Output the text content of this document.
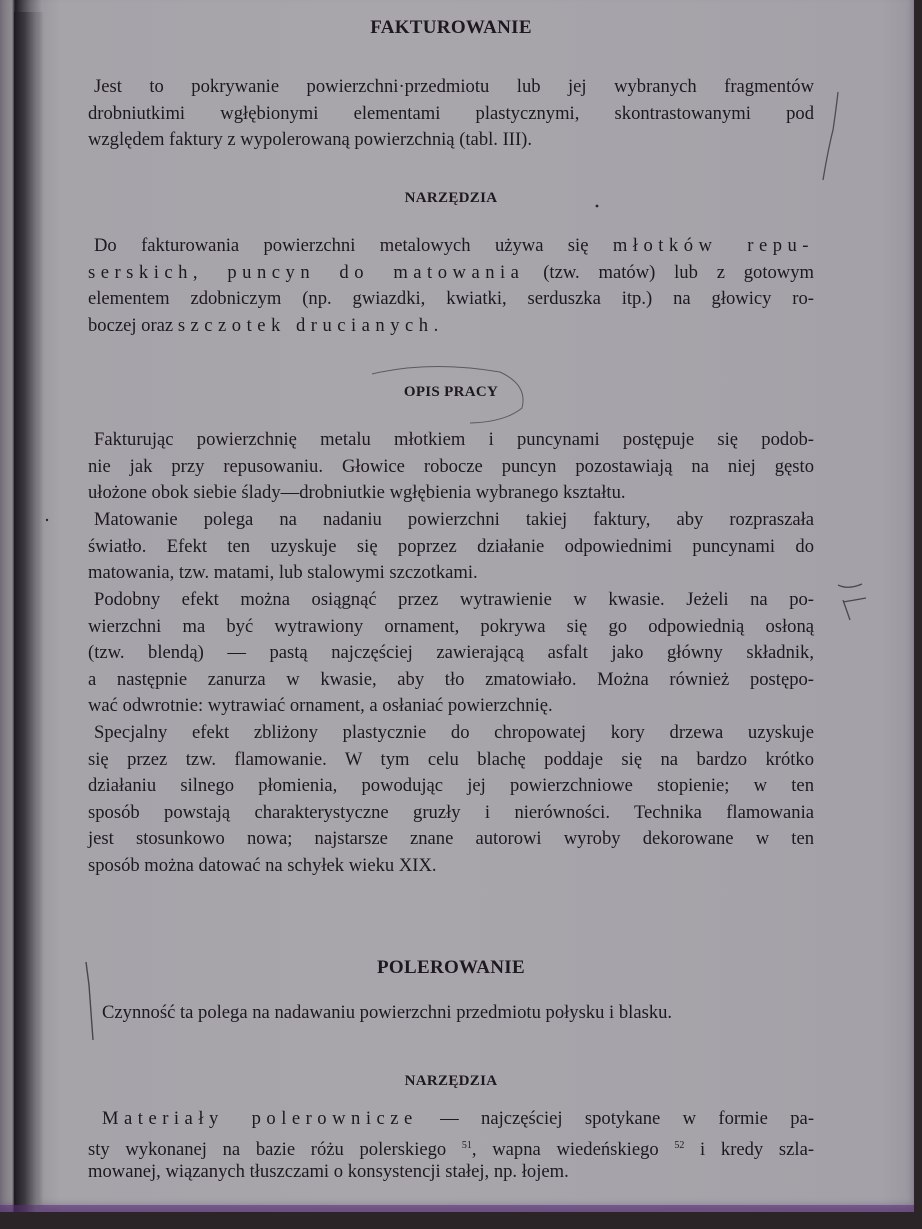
FAKTUROWANIE
Jest to pokrywanie powierzchni·przedmiotu lub jej wybranych fragmentów
drobniutkimi wgłębionymi elementami plastycznymi, skontrastowanymi pod
względem faktury z wypolerowaną powierzchnią (tabl. III).
NARZĘDZIA
Do fakturowania powierzchni metalowych używa się młotków repu-
serskich, puncyn do matowania (tzw. matów) lub z gotowym
elementem zdobniczym (np. gwiazdki, kwiatki, serduszka itp.) na głowicy ro-
boczej oraz szczotek drucianych.
OPIS PRACY
Fakturując powierzchnię metalu młotkiem i puncynami postępuje się podob-
nie jak przy repusowaniu. Głowice robocze puncyn pozostawiają na niej gęsto
ułożone obok siebie ślady—drobniutkie wgłębienia wybranego kształtu.
Matowanie polega na nadaniu powierzchni takiej faktury, aby rozpraszała
światło. Efekt ten uzyskuje się poprzez działanie odpowiednimi puncynami do
matowania, tzw. matami, lub stalowymi szczotkami.
Podobny efekt można osiągnąć przez wytrawienie w kwasie. Jeżeli na po-
wierzchni ma być wytrawiony ornament, pokrywa się go odpowiednią osłoną
(tzw. blendą) — pastą najczęściej zawierającą asfalt jako główny składnik,
a następnie zanurza w kwasie, aby tło zmatowiało. Można również postępo-
wać odwrotnie: wytrawiać ornament, a osłaniać powierzchnię.
Specjalny efekt zbliżony plastycznie do chropowatej kory drzewa uzyskuje
się przez tzw. flamowanie. W tym celu blachę poddaje się na bardzo krótko
działaniu silnego płomienia, powodując jej powierzchniowe stopienie; w ten
sposób powstają charakterystyczne gruzły i nierówności. Technika flamowania
jest stosunkowo nowa; najstarsze znane autorowi wyroby dekorowane w ten
sposób można datować na schyłek wieku XIX.
POLEROWANIE
Czynność ta polega na nadawaniu powierzchni przedmiotu połysku i blasku.
NARZĘDZIA
Materiały polerownicze — najczęściej spotykane w formie pa-
sty wykonanej na bazie różu polerskiego $^{51}$, wapna wiedeńskiego $^{52}$ i kredy szla-
mowanej, wiązanych tłuszczami o konsystencji stałej, np. łojem.
